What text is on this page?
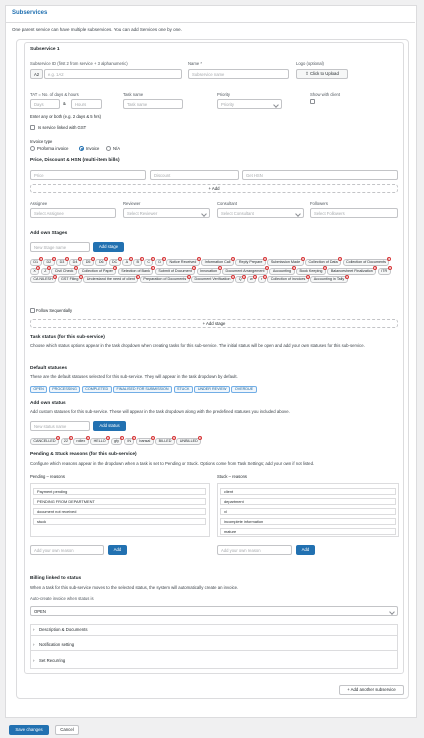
Subservices
One parent service can have multiple subservices. You can add Services one by one.
Subservice 1
Subservice ID (first 2 from service + 3 alphanumeric)
A2	e.g. 1A2
Name *
Subservice name
Logo (optional)
⇪ Click to Upload
TAT = No. of days & hours
Days	&	Hours
Enter any or both (e.g. 2 days & 5 hrs)
Task name
Task name
Priority
Priority
Show with client
Is service linked with GST
Invoice type
Proforma invoice	Invoice	N/A
Price, Discount & HSN (multi-item bills)
Price	Discount	Get HSN
+ Add
Assignee
Select Assignee
Reviewer
Select Reviewer
Consultant
Select Consultant
Followers
Select Followers
Add own Stages
New Stage name	Add stage
D1
×
D2
×
D3
×
D4
×
D5
×
D6
×
DC
×
A
×
B
×
C
×
D
×
Notice Received
×
Information Call
×
Reply Prepare
×
Submission Made
×
Collection of Data
×
Collection of Documents
×
X
×
Z
×
Civil Check
×
Collection of Paper
×
Selection of Bank
×
Submit of Document
×
Innovation
×
Document Arrangement
×
Accounting
×
Book Keeping
×
Balancesheet Finalization
×
ITR
×
CA NILESH
×
GST Filing
×
Understand the need of client
×
Preparation of Documents
×
Document Verification
×
Q
×
w
×
r
×
Collection of invoices
×
Accounting in Tally
×
Follow Sequentially
+ Add stage
Task status (for this sub-service)
Choose which status options appear in the task dropdown when creating tasks for this sub-service. The initial status will be open and add your own statuses for this sub-service.
Default statuses
These are the default statuses selected for this sub-service. They will appear in the task dropdown by default.
OPEN	PROCESSING	COMPLETED	FINALISED FOR SUBMISSION	STUCK	UNDER REVIEW	OVERDUE
Add own status
Add custom statuses for this sub-service. These will appear in the task dropdown along with the predefined statuses you included above.
New status name	Add status
CANCELLED
×
22
×
rollex
×
HELLO
×
gfy
×
IN
×
bansal
×
BILLED
×
UNBILLED
×
Pending & Stuck reasons (for this sub-service)
Configure which reasons appear in the dropdown when a task is set to Pending or Stuck. Options come from Task Settings; add your own if not listed.
Pending – reasons
Payment pending
PENDING FROM DEPARTMENT
document not received
stuck
Stuck – reasons
client
department
xl
incomplete information
mature
Add your own reason	Add	Add your own reason	Add
Billing linked to status
When a task for this sub-service moves to the selected status, the system will automatically create an invoice.
Auto-create invoice when status is
OPEN
› Description & Documents
› Notification setting
› Set Recurring
+ Add another subservice
Save changes	Cancel
